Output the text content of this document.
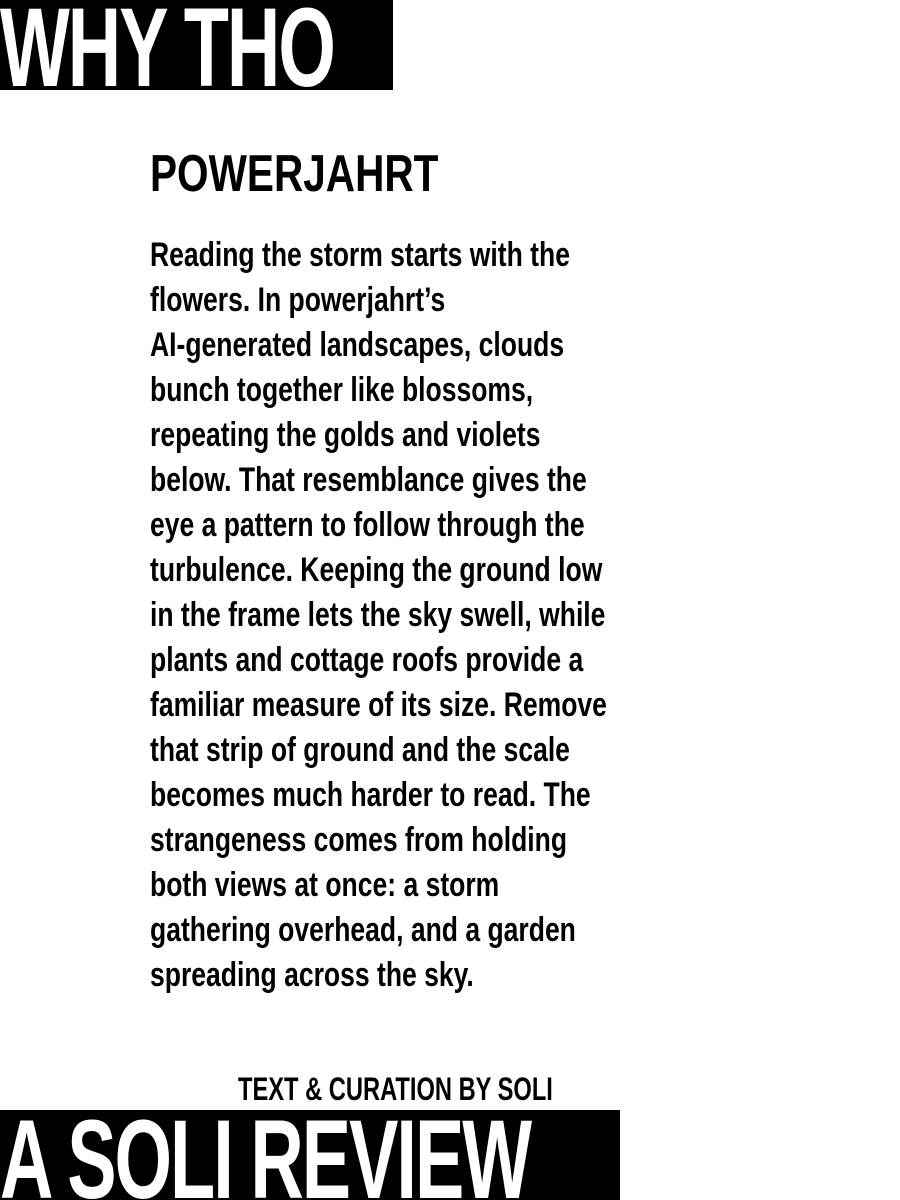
WHY THO
POWERJAHRT
Reading the storm starts with the
flowers. In powerjahrt’s
AI-generated landscapes, clouds
bunch together like blossoms,
repeating the golds and violets
below. That resemblance gives the
eye a pattern to follow through the
turbulence. Keeping the ground low
in the frame lets the sky swell, while
plants and cottage roofs provide a
familiar measure of its size. Remove
that strip of ground and the scale
becomes much harder to read. The
strangeness comes from holding
both views at once: a storm
gathering overhead, and a garden
spreading across the sky.
TEXT & CURATION BY SOLI
A SOLI REVIEW
